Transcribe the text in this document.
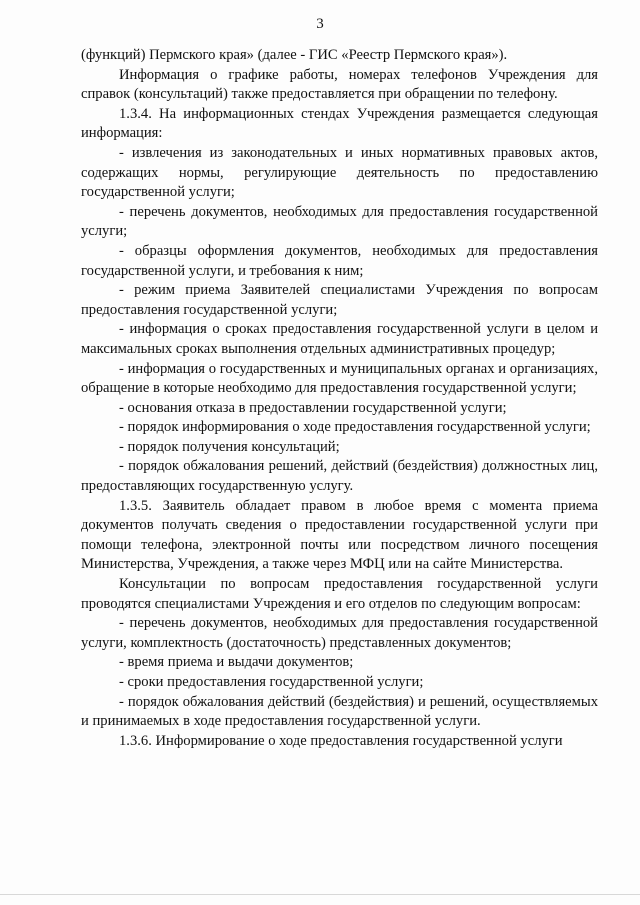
3

(функций) Пермского края» (далее - ГИС «Реестр Пермского края»).

Информация о графике работы, номерах телефонов Учреждения для справок (консультаций) также предоставляется при обращении по телефону.

1.3.4. На информационных стендах Учреждения размещается следующая информация:

- извлечения из законодательных и иных нормативных правовых актов, содержащих нормы, регулирующие деятельность по предоставлению государственной услуги;

- перечень документов, необходимых для предоставления государственной услуги;

- образцы оформления документов, необходимых для предоставления государственной услуги, и требования к ним;

- режим приема Заявителей специалистами Учреждения по вопросам предоставления государственной услуги;

- информация о сроках предоставления государственной услуги в целом и максимальных сроках выполнения отдельных административных процедур;

- информация о государственных и муниципальных органах и организациях, обращение в которые необходимо для предоставления государственной услуги;

- основания отказа в предоставлении государственной услуги;

- порядок информирования о ходе предоставления государственной услуги;

- порядок получения консультаций;

- порядок обжалования решений, действий (бездействия) должностных лиц, предоставляющих государственную услугу.

1.3.5. Заявитель обладает правом в любое время с момента приема документов получать сведения о предоставлении государственной услуги при помощи телефона, электронной почты или посредством личного посещения Министерства, Учреждения, а также через МФЦ или на сайте Министерства.

Консультации по вопросам предоставления государственной услуги проводятся специалистами Учреждения и его отделов по следующим вопросам:

- перечень документов, необходимых для предоставления государственной услуги, комплектность (достаточность) представленных документов;

- время приема и выдачи документов;

- сроки предоставления государственной услуги;

- порядок обжалования действий (бездействия) и решений, осуществляемых и принимаемых в ходе предоставления государственной услуги.

1.3.6. Информирование о ходе предоставления государственной услуги
